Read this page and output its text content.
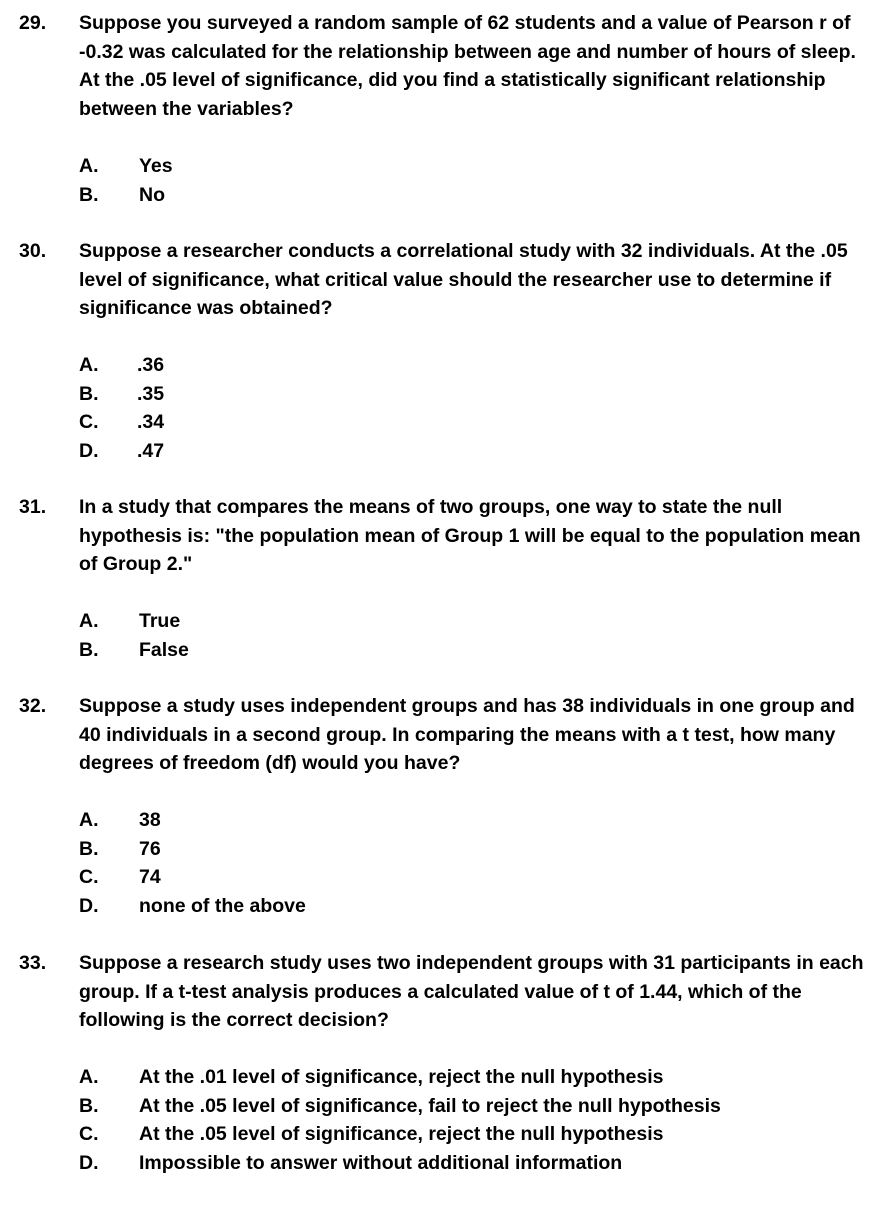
29. Suppose you surveyed a random sample of 62 students and a value of Pearson r of -0.32 was calculated for the relationship between age and number of hours of sleep. At the .05 level of significance, did you find a statistically significant relationship between the variables?
A. Yes
B. No
30. Suppose a researcher conducts a correlational study with 32 individuals. At the .05 level of significance, what critical value should the researcher use to determine if significance was obtained?
A. .36
B. .35
C. .34
D. .47
31. In a study that compares the means of two groups, one way to state the null hypothesis is: "the population mean of Group 1 will be equal to the population mean of Group 2."
A. True
B. False
32. Suppose a study uses independent groups and has 38 individuals in one group and 40 individuals in a second group. In comparing the means with a t test, how many degrees of freedom (df) would you have?
A. 38
B. 76
C. 74
D. none of the above
33. Suppose a research study uses two independent groups with 31 participants in each group. If a t-test analysis produces a calculated value of t of 1.44, which of the following is the correct decision?
A. At the .01 level of significance, reject the null hypothesis
B. At the .05 level of significance, fail to reject the null hypothesis
C. At the .05 level of significance, reject the null hypothesis
D. Impossible to answer without additional information
